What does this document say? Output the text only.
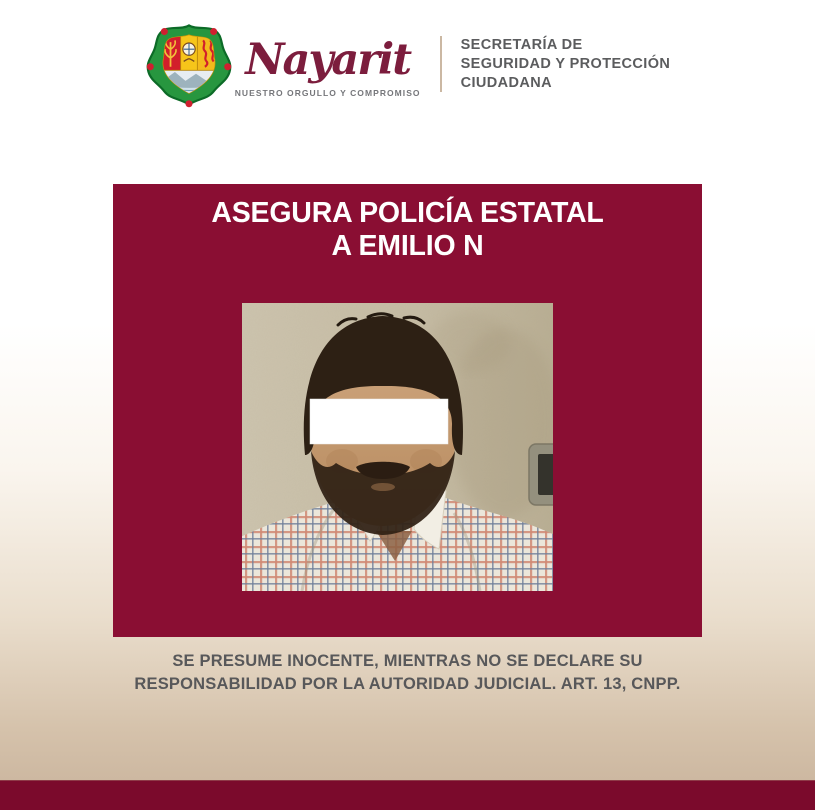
Nayarit
NUESTRO ORGULLO Y COMPROMISO
SECRETARÍA DE
SEGURIDAD Y PROTECCIÓN
CIUDADANA
ASEGURA POLICÍA ESTATAL
A EMILIO N
SE PRESUME INOCENTE, MIENTRAS NO SE DECLARE SU
RESPONSABILIDAD POR LA AUTORIDAD JUDICIAL. ART. 13, CNPP.
